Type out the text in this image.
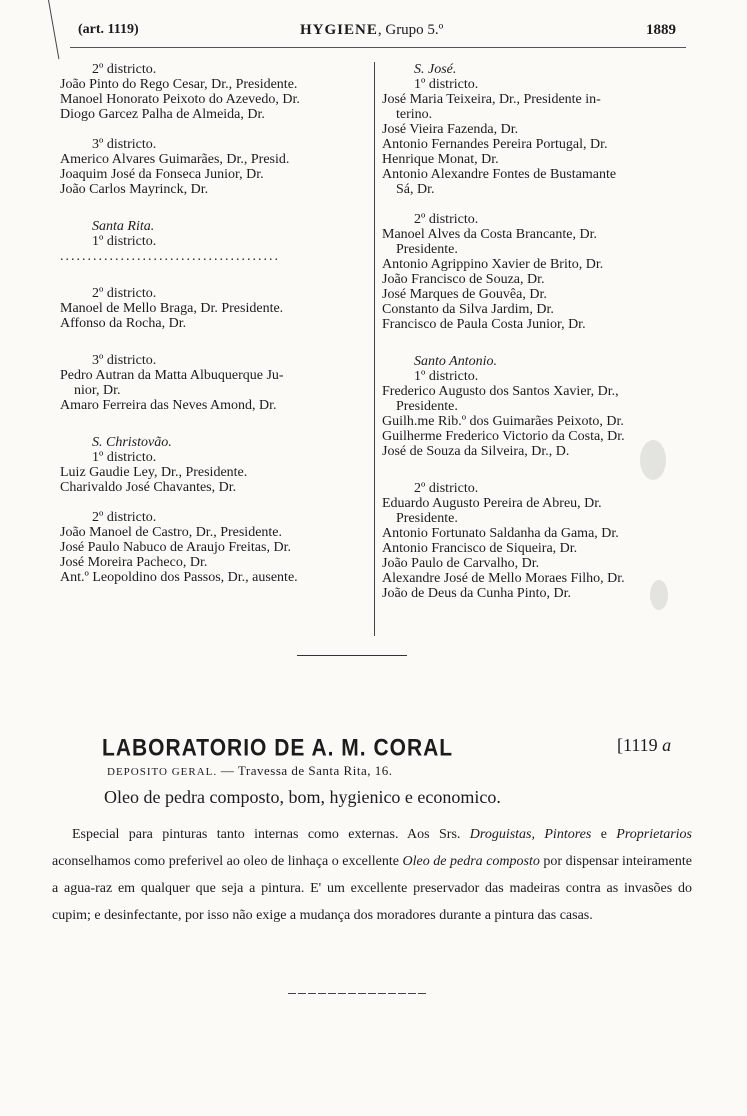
(art. 1119)	HYGIENE, Grupo 5.º	1889
2º districto.
João Pinto do Rego Cesar, Dr., Presidente.
Manoel Honorato Peixoto do Azevedo, Dr.
Diogo Garcez Palha de Almeida, Dr.
3º districto.
Americo Alvares Guimarães, Dr., Presid.
Joaquim José da Fonseca Junior, Dr.
João Carlos Mayrinck, Dr.
Santa Rita.
1º districto.
........................................
2º districto.
Manoel de Mello Braga, Dr. Presidente.
Affonso da Rocha, Dr.
3º districto.
Pedro Autran da Matta Albuquerque Ju-
nior, Dr.
Amaro Ferreira das Neves Amond, Dr.
S. Christovão.
1º districto.
Luiz Gaudie Ley, Dr., Presidente.
Charivaldo José Chavantes, Dr.
2º districto.
João Manoel de Castro, Dr., Presidente.
José Paulo Nabuco de Araujo Freitas, Dr.
José Moreira Pacheco, Dr.
Ant.º Leopoldino dos Passos, Dr., ausente.
S. José.
1º districto.
José Maria Teixeira, Dr., Presidente in-
terino.
José Vieira Fazenda, Dr.
Antonio Fernandes Pereira Portugal, Dr.
Henrique Monat, Dr.
Antonio Alexandre Fontes de Bustamante
Sá, Dr.
2º districto.
Manoel Alves da Costa Brancante, Dr.
Presidente.
Antonio Agrippino Xavier de Brito, Dr.
João Francisco de Souza, Dr.
José Marques de Gouvêa, Dr.
Constanto da Silva Jardim, Dr.
Francisco de Paula Costa Junior, Dr.
Santo Antonio.
1º districto.
Frederico Augusto dos Santos Xavier, Dr.,
Presidente.
Guilh.me Rib.º dos Guimarães Peixoto, Dr.
Guilherme Frederico Victorio da Costa, Dr.
José de Souza da Silveira, Dr., D.
2º districto.
Eduardo Augusto Pereira de Abreu, Dr.
Presidente.
Antonio Fortunato Saldanha da Gama, Dr.
Antonio Francisco de Siqueira, Dr.
João Paulo de Carvalho, Dr.
Alexandre José de Mello Moraes Filho, Dr.
João de Deus da Cunha Pinto, Dr.
LABORATORIO DE A. M. CORAL	[1119 a
DEPOSITO GERAL. — Travessa de Santa Rita, 16.
Oleo de pedra composto, bom, hygienico e economico.
Especial para pinturas tanto internas como externas. Aos Srs. Droguistas, Pintores e Proprietarios aconselhamos como preferivel ao oleo de linhaça o excellente Oleo de pedra composto por dispensar inteiramente a agua-raz em qualquer que seja a pintura. E' um excellente preservador das madeiras contra as invasões do cupim; e desinfectante, por isso não exige a mudança dos moradores durante a pintura das casas.
